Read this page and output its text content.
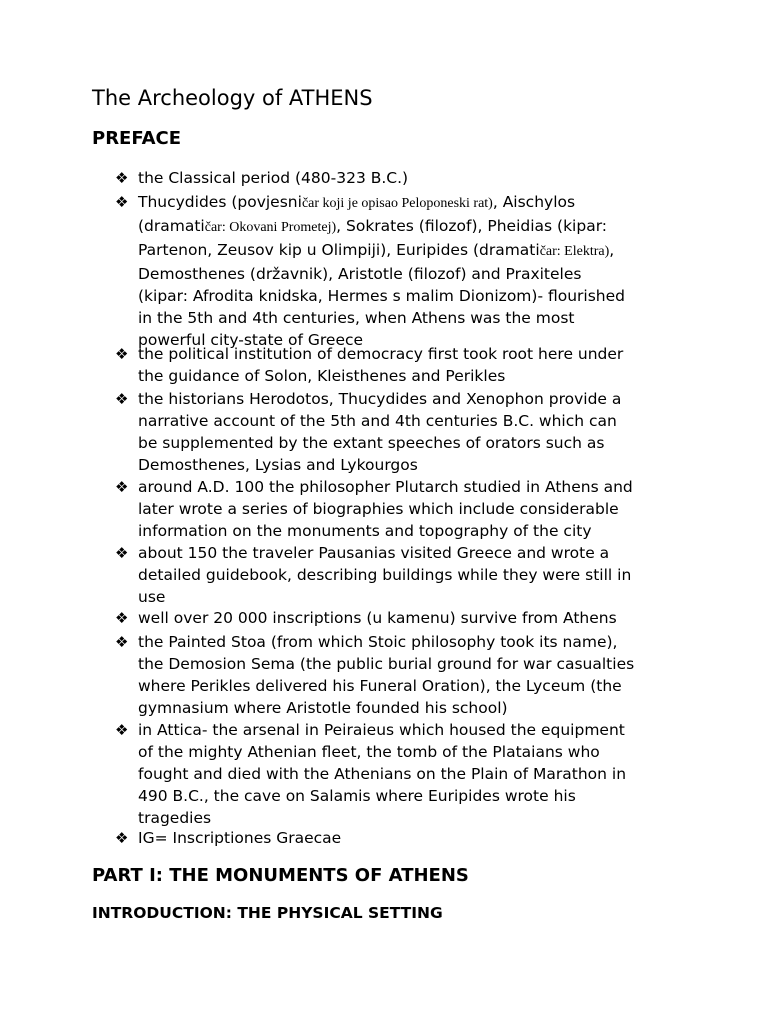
The Archeology of ATHENS
PREFACE
❖ the Classical period (480-323 B.C.)
❖ Thucydides (povjesničar koji je opisao Peloponeski rat), Aischylos
(dramatičar: Okovani Prometej), Sokrates (filozof), Pheidias (kipar:
Partenon, Zeusov kip u Olimpiji), Euripides (dramatičar: Elektra),
Demosthenes (državnik), Aristotle (filozof) and Praxiteles
(kipar: Afrodita knidska, Hermes s malim Dionizom)- flourished
in the 5th and 4th centuries, when Athens was the most
powerful city-state of Greece
❖ the political institution of democracy first took root here under
the guidance of Solon, Kleisthenes and Perikles
❖ the historians Herodotos, Thucydides and Xenophon provide a
narrative account of the 5th and 4th centuries B.C. which can
be supplemented by the extant speeches of orators such as
Demosthenes, Lysias and Lykourgos
❖ around A.D. 100 the philosopher Plutarch studied in Athens and
later wrote a series of biographies which include considerable
information on the monuments and topography of the city
❖ about 150 the traveler Pausanias visited Greece and wrote a
detailed guidebook, describing buildings while they were still in
use
❖ well over 20 000 inscriptions (u kamenu) survive from Athens
❖ the Painted Stoa (from which Stoic philosophy took its name),
the Demosion Sema (the public burial ground for war casualties
where Perikles delivered his Funeral Oration), the Lyceum (the
gymnasium where Aristotle founded his school)
❖ in Attica- the arsenal in Peiraieus which housed the equipment
of the mighty Athenian fleet, the tomb of the Plataians who
fought and died with the Athenians on the Plain of Marathon in
490 B.C., the cave on Salamis where Euripides wrote his
tragedies
❖ IG= Inscriptiones Graecae
PART I: THE MONUMENTS OF ATHENS
INTRODUCTION: THE PHYSICAL SETTING
